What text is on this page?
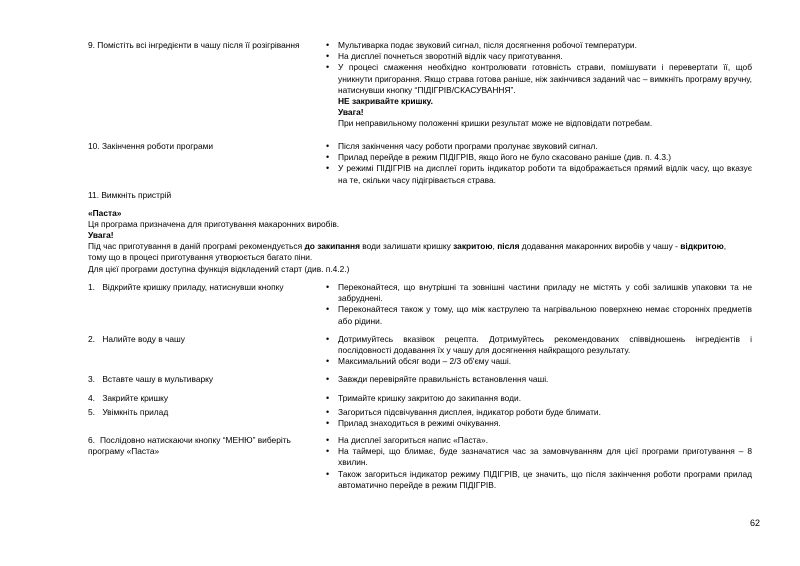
9. Помістіть всі інгредієнти в чашу після її розігрівання	•	Мультиварка подає звуковий сигнал, після досягнення робочої температури.
•	На дисплеї почнеться зворотній відлік часу приготування.
•	У процесі смаження необхідно контролювати готовність страви, помішувати і перевертати її, щоб уникнути пригорання. Якщо страва готова раніше, ніж закінчився заданий час – вимкніть програму вручну, натиснувши кнопку “ПІДІГРІВ/СКАСУВАННЯ”.
НЕ закривайте кришку.
Увага!
При неправильному положенні кришки результат може не відповідати потребам.
10. Закінчення роботи програми	•	Після закінчення часу роботи програми пролунає звуковий сигнал.
•	Прилад перейде в режим ПІДІГРІВ, якщо його не було скасовано раніше (див. п. 4.3.)
•	У режимі ПІДІГРІВ на дисплеї горить індикатор роботи та відображається прямий відлік часу, що вказує на те, скільки часу підігрівається страва.
11. Вимкніть пристрій
«Паста»
Ця програма призначена для приготування макаронних виробів.
Увага!
Під час приготування в даній програмі рекомендується до закипання води залишати кришку закритою, після додавання макаронних виробів у чашу - відкритою,
тому що в процесі приготування утворюється багато піни.
Для цієї програми доступна функція відкладений старт (див. п.4.2.)
1. Відкрийте кришку приладу, натиснувши кнопку	•	Переконайтеся, що внутрішні та зовнішні частини приладу не містять у собі залишків упаковки та не забруднені.
•	Переконайтеся також у тому, що між каструлею та нагрівальною поверхнею немає сторонніх предметів або рідини.
2. Налийте воду в чашу	•	Дотримуйтесь вказівок рецепта. Дотримуйтесь рекомендованих співвідношень інгредієнтів і послідовності додавання їх у чашу для досягнення найкращого результату.
•	Максимальний обсяг води – 2/3 об'єму чаші.
3. Вставте чашу в мультиварку	•	Завжди перевіряйте правильність встановлення чаші.
4. Закрийте кришку	•	Тримайте кришку закритою до закипання води.
5. Увімкніть прилад	•	Загориться підсвічування дисплея, індикатор роботи буде блимати.
•	Прилад знаходиться в режимі очікування.
6. Послідовно натискаючи кнопку “МЕНЮ” виберіть програму «Паста»
•	На дисплеї загориться напис «Паста».
•	На таймері, що блимає, буде зазначатися час за замовчуванням для цієї програми приготування – 8 хвилин.
•	Також загориться індикатор режиму ПІДІГРІВ, це значить, що після закінчення роботи програми прилад автоматично перейде в режим ПІДІГРІВ.
62
